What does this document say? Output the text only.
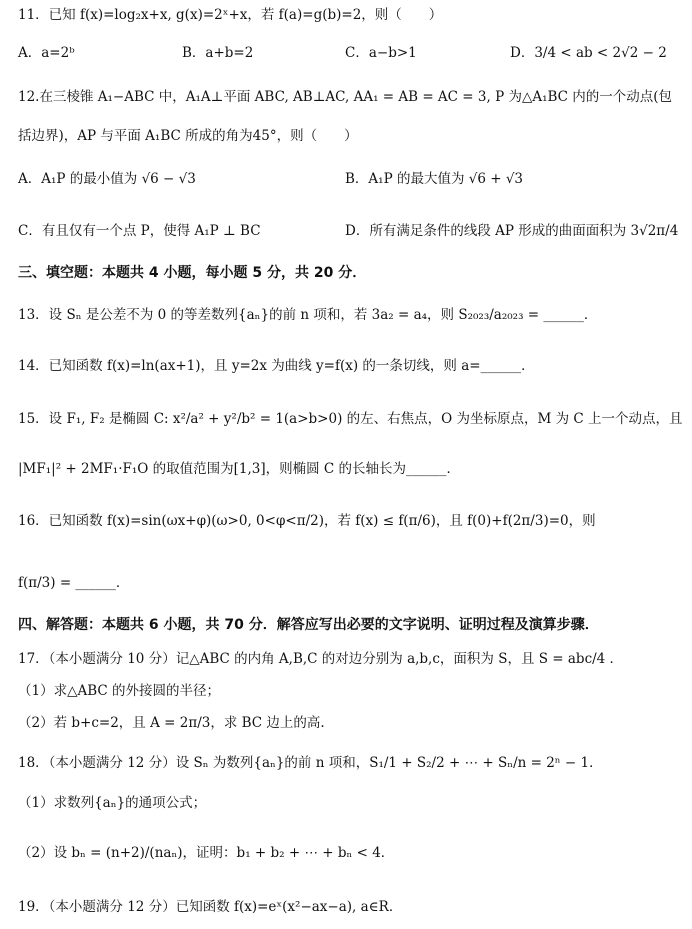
11．已知 f(x)=log₂x+x, g(x)=2ˣ+x，若 f(a)=g(b)=2，则（　　）
A．a=2ᵇ	B．a+b=2	C．a−b>1	D．3/4 < ab < 2√2 − 2
12.在三棱锥 A₁−ABC 中，A₁A⊥平面 ABC, AB⊥AC, AA₁ = AB = AC = 3, P 为△A₁BC 内的一个动点(包
括边界)，AP 与平面 A₁BC 所成的角为45°，则（　　）
A．A₁P 的最小值为 √6 − √3	B．A₁P 的最大值为 √6 + √3
C．有且仅有一个点 P，使得 A₁P ⊥ BC	D．所有满足条件的线段 AP 形成的曲面面积为 3√2π/4
三、填空题：本题共 4 小题，每小题 5 分，共 20 分．
13．设 Sₙ 是公差不为 0 的等差数列{aₙ}的前 n 项和，若 3a₂ = a₄，则 S₂₀₂₃/a₂₀₂₃ = ______．
14．已知函数 f(x)=ln(ax+1)，且 y=2x 为曲线 y=f(x) 的一条切线，则 a=______．
15．设 F₁, F₂ 是椭圆 C: x²/a² + y²/b² = 1(a>b>0) 的左、右焦点，O 为坐标原点，M 为 C 上一个动点，且
|MF₁|² + 2MF₁·F₁O 的取值范围为[1,3]，则椭圆 C 的长轴长为______．
16．已知函数 f(x)=sin(ωx+φ)(ω>0, 0<φ<π/2)，若 f(x) ≤ f(π/6)，且 f(0)+f(2π/3)=0，则
f(π/3) = ______．
四、解答题：本题共 6 小题，共 70 分．解答应写出必要的文字说明、证明过程及演算步骤．
17．（本小题满分 10 分）记△ABC 的内角 A,B,C 的对边分别为 a,b,c，面积为 S，且 S = abc/4 ．
（1）求△ABC 的外接圆的半径；
（2）若 b+c=2，且 A = 2π/3，求 BC 边上的高.
18．（本小题满分 12 分）设 Sₙ 为数列{aₙ}的前 n 项和，S₁/1 + S₂/2 + ⋯ + Sₙ/n = 2ⁿ − 1．
（1）求数列{aₙ}的通项公式；
（2）设 bₙ = (n+2)/(naₙ)，证明：b₁ + b₂ + ⋯ + bₙ < 4．
19．（本小题满分 12 分）已知函数 f(x)=eˣ(x²−ax−a), a∈R．
